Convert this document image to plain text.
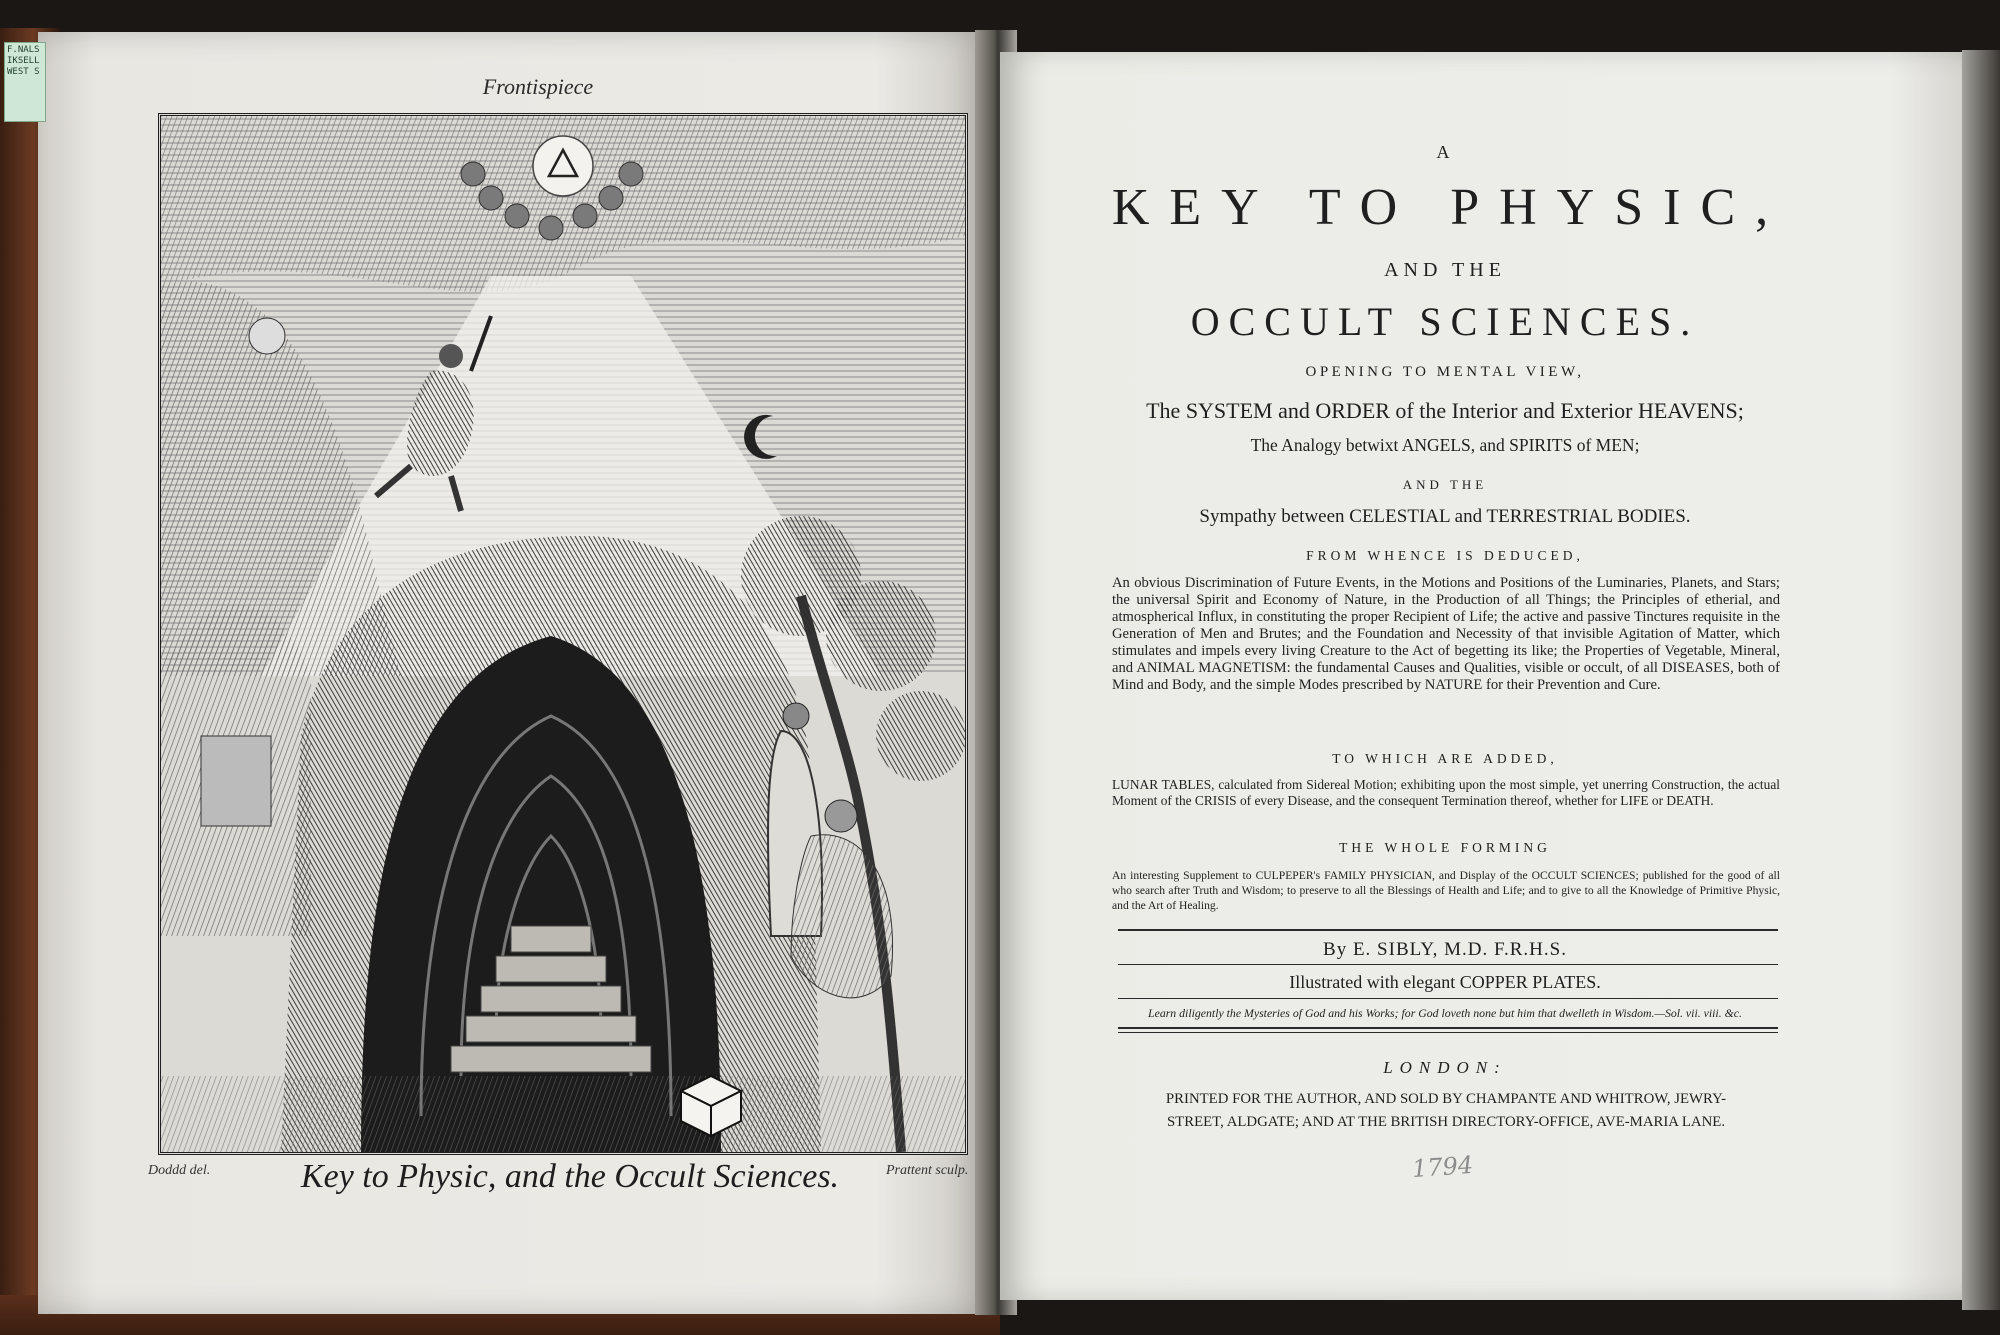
F.NALS
IKSELL
WEST S
Frontispiece
Doddd del.	Key to Physic, and the Occult Sciences.	Prattent sculp.
A
KEY TO PHYSIC,
AND THE
OCCULT SCIENCES.
OPENING TO MENTAL VIEW,
The SYSTEM and ORDER of the Interior and Exterior HEAVENS;
The Analogy betwixt ANGELS, and SPIRITS of MEN;
AND THE
Sympathy between CELESTIAL and TERRESTRIAL BODIES.
FROM WHENCE IS DEDUCED,
An obvious Discrimination of Future Events, in the Motions and Positions of the Luminaries, Planets, and Stars; the universal Spirit and Economy of Nature, in the Production of all Things; the Principles of etherial, and atmospherical Influx, in constituting the proper Recipient of Life; the active and passive Tinctures requisite in the Generation of Men and Brutes; and the Foundation and Necessity of that invisible Agitation of Matter, which stimulates and impels every living Creature to the Act of begetting its like; the Properties of Vegetable, Mineral, and ANIMAL MAGNETISM: the fundamental Causes and Qualities, visible or occult, of all DISEASES, both of Mind and Body, and the simple Modes prescribed by NATURE for their Prevention and Cure.
TO WHICH ARE ADDED,
LUNAR TABLES, calculated from Sidereal Motion; exhibiting upon the most simple, yet unerring Construction, the actual Moment of the CRISIS of every Disease, and the consequent Termination thereof, whether for LIFE or DEATH.
THE WHOLE FORMING
An interesting Supplement to CULPEPER's FAMILY PHYSICIAN, and Display of the OCCULT SCIENCES; published for the good of all who search after Truth and Wisdom; to preserve to all the Blessings of Health and Life; and to give to all the Knowledge of Primitive Physic, and the Art of Healing.
By E. SIBLY, M.D. F.R.H.S.
Illustrated with elegant COPPER PLATES.
Learn diligently the Mysteries of God and his Works; for God loveth none but him that dwelleth in Wisdom.—Sol. vii. viii. &c.
LONDON:
PRINTED FOR THE AUTHOR, AND SOLD BY CHAMPANTE AND WHITROW, JEWRY-
STREET, ALDGATE; AND AT THE BRITISH DIRECTORY-OFFICE, AVE-MARIA LANE.
1794
